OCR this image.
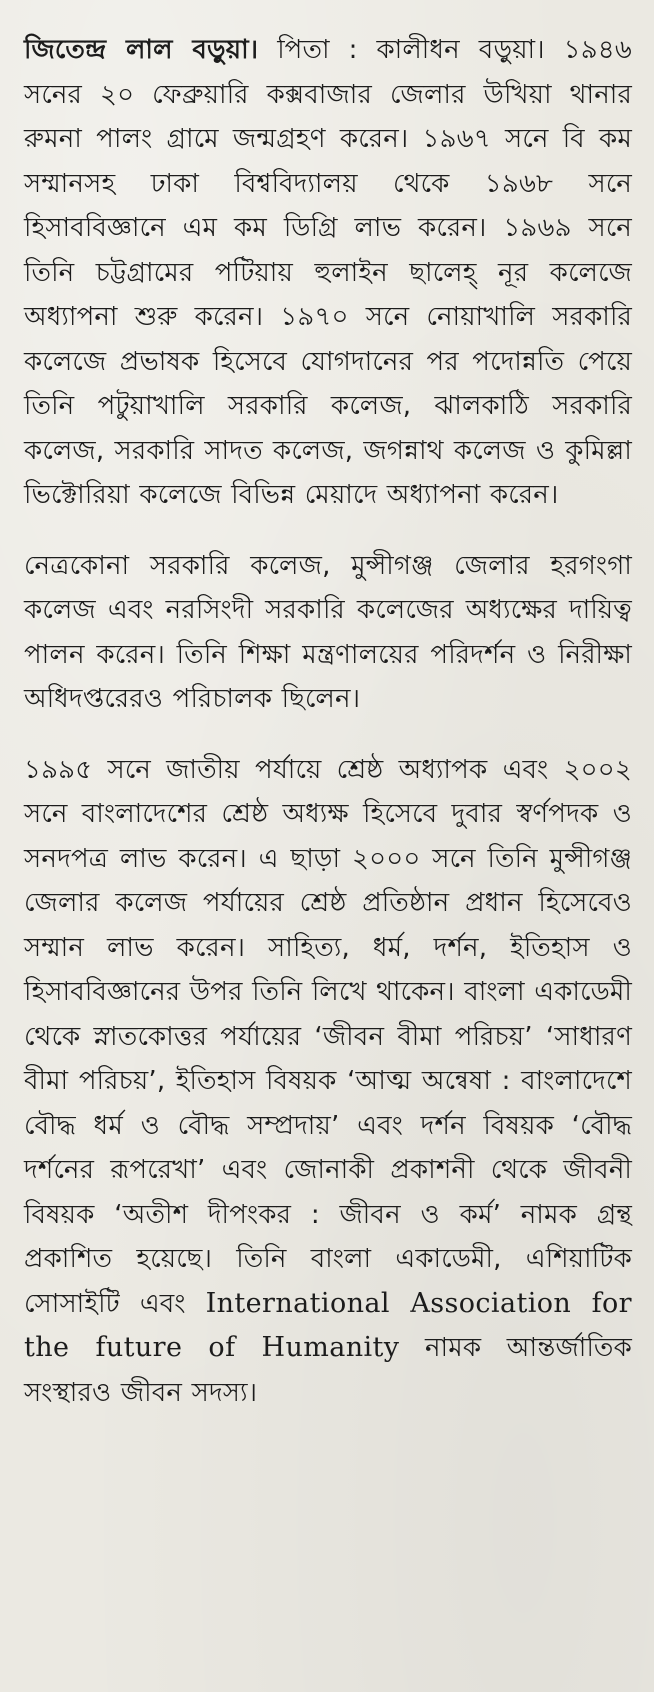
জিতেন্দ্র লাল বড়ুয়া। পিতা : কালীধন বড়ুয়া। ১৯৪৬ সনের ২০ ফেব্রুয়ারি কক্সবাজার জেলার উখিয়া থানার রুমনা পালং গ্রামে জন্মগ্রহণ করেন। ১৯৬৭ সনে বি কম সম্মানসহ ঢাকা বিশ্ববিদ্যালয় থেকে ১৯৬৮ সনে হিসাববিজ্ঞানে এম কম ডিগ্রি লাভ করেন। ১৯৬৯ সনে তিনি চট্টগ্রামের পটিয়ায় হুলাইন ছালেহ্ নূর কলেজে অধ্যাপনা শুরু করেন। ১৯৭০ সনে নোয়াখালি সরকারি কলেজে প্রভাষক হিসেবে যোগদানের পর পদোন্নতি পেয়ে তিনি পটুয়াখালি সরকারি কলেজ, ঝালকাঠি সরকারি কলেজ, সরকারি সাদত কলেজ, জগন্নাথ কলেজ ও কুমিল্লা ভিক্টোরিয়া কলেজে বিভিন্ন মেয়াদে অধ্যাপনা করেন।

নেত্রকোনা সরকারি কলেজ, মুন্সীগঞ্জ জেলার হরগংগা কলেজ এবং নরসিংদী সরকারি কলেজের অধ্যক্ষের দায়িত্ব পালন করেন। তিনি শিক্ষা মন্ত্রণালয়ের পরিদর্শন ও নিরীক্ষা অধিদপ্তরেরও পরিচালক ছিলেন।

১৯৯৫ সনে জাতীয় পর্যায়ে শ্রেষ্ঠ অধ্যাপক এবং ২০০২ সনে বাংলাদেশের শ্রেষ্ঠ অধ্যক্ষ হিসেবে দুবার স্বর্ণপদক ও সনদপত্র লাভ করেন। এ ছাড়া ২০০০ সনে তিনি মুন্সীগঞ্জ জেলার কলেজ পর্যায়ের শ্রেষ্ঠ প্রতিষ্ঠান প্রধান হিসেবেও সম্মান লাভ করেন। সাহিত্য, ধর্ম, দর্শন, ইতিহাস ও হিসাববিজ্ঞানের উপর তিনি লিখে থাকেন। বাংলা একাডেমী থেকে স্নাতকোত্তর পর্যায়ের ‘জীবন বীমা পরিচয়’ ‘সাধারণ বীমা পরিচয়’, ইতিহাস বিষয়ক ‘আত্ম অন্বেষা : বাংলাদেশে বৌদ্ধ ধর্ম ও বৌদ্ধ সম্প্রদায়’ এবং দর্শন বিষয়ক ‘বৌদ্ধ দর্শনের রূপরেখা’ এবং জোনাকী প্রকাশনী থেকে জীবনী বিষয়ক ‘অতীশ দীপংকর : জীবন ও কর্ম’ নামক গ্রন্থ প্রকাশিত হয়েছে। তিনি বাংলা একাডেমী, এশিয়াটিক সোসাইটি এবং International Association for the future of Humanity নামক আন্তর্জাতিক সংস্থারও জীবন সদস্য।
